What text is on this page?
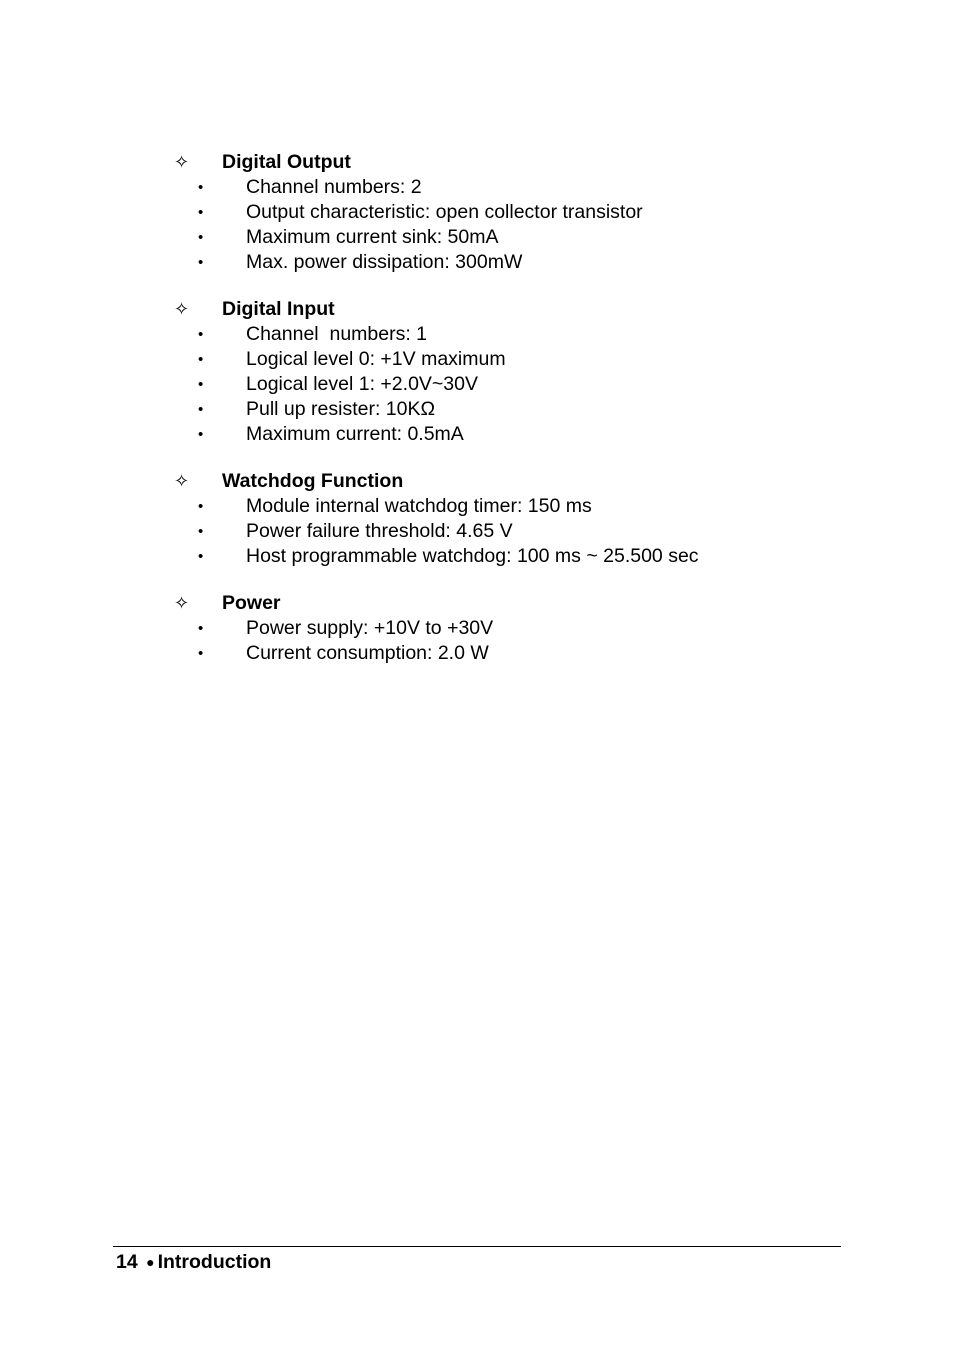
✧ Digital Output
• Channel numbers: 2
• Output characteristic: open collector transistor
• Maximum current sink: 50mA
• Max. power dissipation: 300mW
✧ Digital Input
• Channel  numbers: 1
• Logical level 0: +1V maximum
• Logical level 1: +2.0V~30V
• Pull up resister: 10KΩ
• Maximum current: 0.5mA
✧ Watchdog Function
• Module internal watchdog timer: 150 ms
• Power failure threshold: 4.65 V
• Host programmable watchdog: 100 ms ~ 25.500 sec
✧ Power
• Power supply: +10V to +30V
• Current consumption: 2.0 W
14 ● Introduction
